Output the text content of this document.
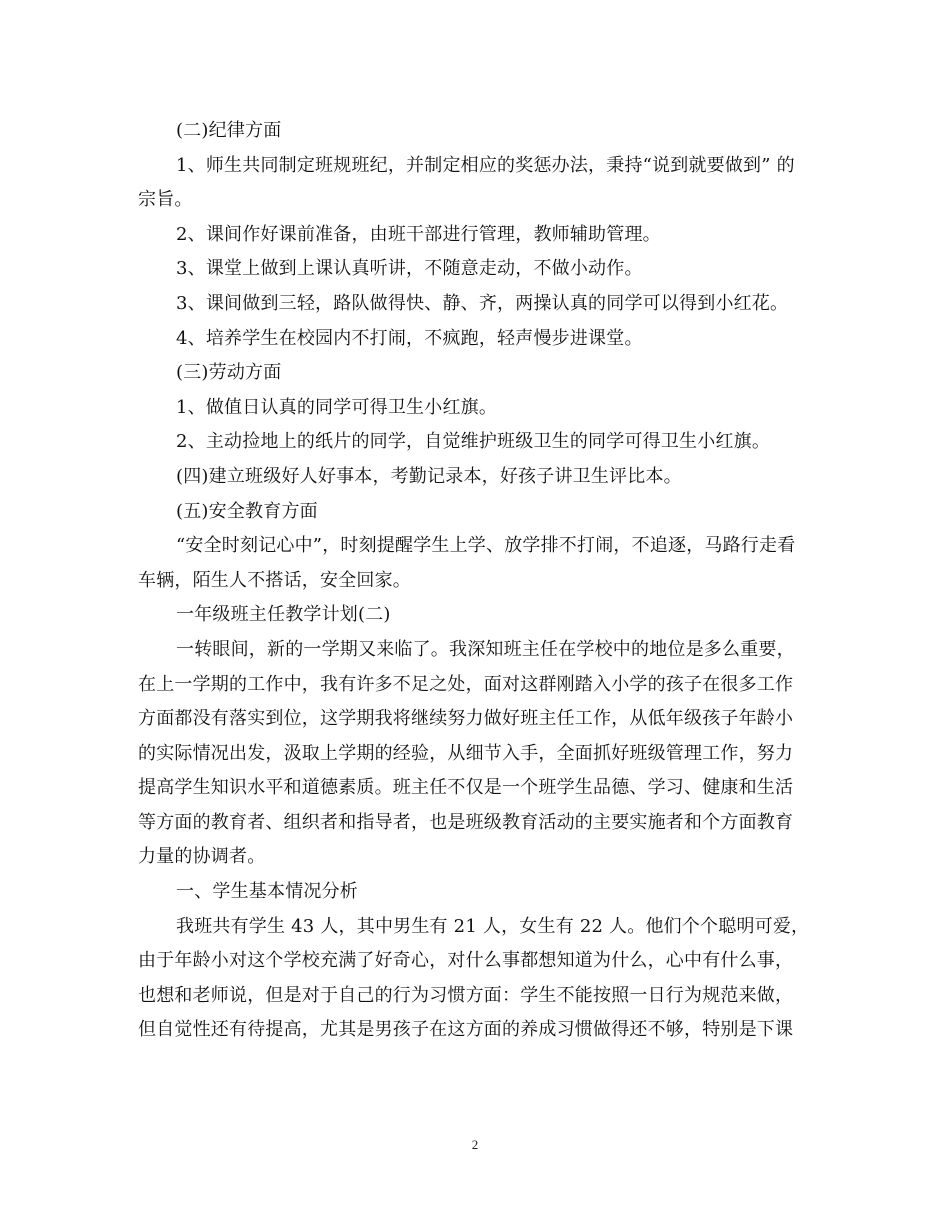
(二)纪律方面
1、师生共同制定班规班纪，并制定相应的奖惩办法，秉持“说到就要做到” 的
宗旨。
2、课间作好课前准备，由班干部进行管理，教师辅助管理。
3、课堂上做到上课认真听讲，不随意走动，不做小动作。
3、课间做到三轻，路队做得快、静、齐，两操认真的同学可以得到小红花。
4、培养学生在校园内不打闹，不疯跑，轻声慢步进课堂。
(三)劳动方面
1、做值日认真的同学可得卫生小红旗。
2、主动捡地上的纸片的同学，自觉维护班级卫生的同学可得卫生小红旗。
(四)建立班级好人好事本，考勤记录本，好孩子讲卫生评比本。
(五)安全教育方面
“安全时刻记心中”，时刻提醒学生上学、放学排不打闹，不追逐，马路行走看
车辆，陌生人不搭话，安全回家。
一年级班主任教学计划(二)
一转眼间，新的一学期又来临了。我深知班主任在学校中的地位是多么重要，
在上一学期的工作中，我有许多不足之处，面对这群刚踏入小学的孩子在很多工作
方面都没有落实到位，这学期我将继续努力做好班主任工作，从低年级孩子年龄小
的实际情况出发，汲取上学期的经验，从细节入手，全面抓好班级管理工作，努力
提高学生知识水平和道德素质。班主任不仅是一个班学生品德、学习、健康和生活
等方面的教育者、组织者和指导者，也是班级教育活动的主要实施者和个方面教育
力量的协调者。
一、学生基本情况分析
我班共有学生 43 人，其中男生有 21 人，女生有 22 人。他们个个聪明可爱，
由于年龄小对这个学校充满了好奇心，对什么事都想知道为什么，心中有什么事，
也想和老师说，但是对于自己的行为习惯方面：学生不能按照一日行为规范来做，
但自觉性还有待提高，尤其是男孩子在这方面的养成习惯做得还不够，特别是下课
2
